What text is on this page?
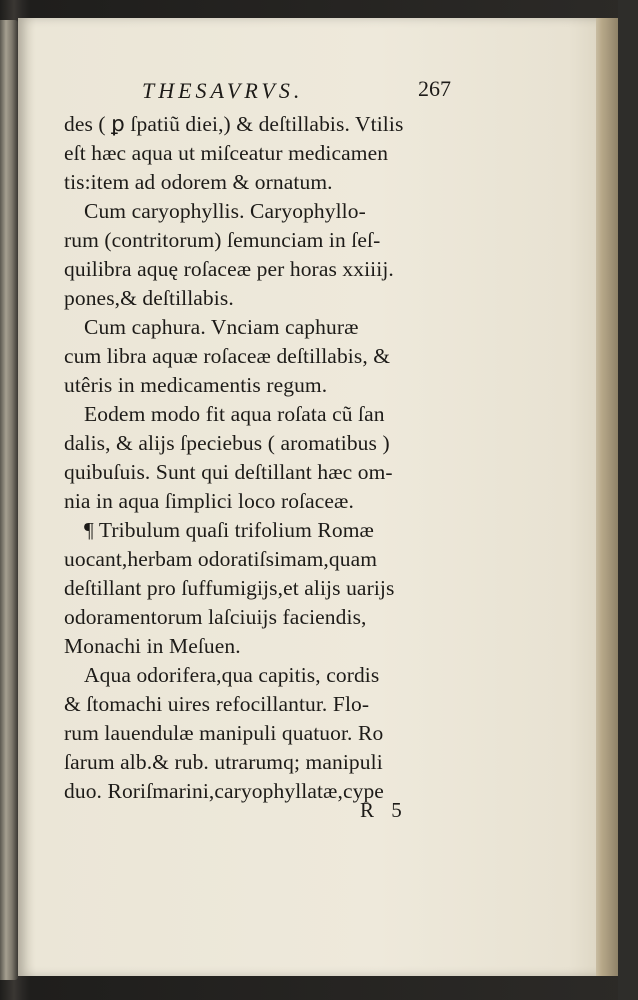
THESAVRVS.	267
des ( ꝑ ſpatiũ diei,) & deſtillabis. Vtilis
eſt hæc aqua ut miſceatur medicamen
tis:item ad odorem & ornatum.
Cum caryophyllis. Caryophyllo-
rum (contritorum) ſemunciam in ſeſ-
quilibra aquę roſaceæ per horas xxiiij.
pones,& deſtillabis.
Cum caphura. Vnciam caphuræ
cum libra aquæ roſaceæ deſtillabis, &
utêris in medicamentis regum.
Eodem modo fit aqua roſata cũ ſan
dalis, & alijs ſpeciebus ( aromatibus )
quibuſuis. Sunt qui deſtillant hæc om-
nia in aqua ſimplici loco roſaceæ.
¶ Tribulum quaſi trifolium Romæ
uocant,herbam odoratiſsimam,quam
deſtillant pro ſuffumigijs,et alijs uarijs
odoramentorum laſciuijs faciendis,
Monachi in Meſuen.
Aqua odorifera,qua capitis, cordis
& ſtomachi uires refocillantur. Flo-
rum lauendulæ manipuli quatuor. Ro
ſarum alb.& rub. utrarumq; manipuli
duo. Roriſmarini,caryophyllatæ,cype
R 5
